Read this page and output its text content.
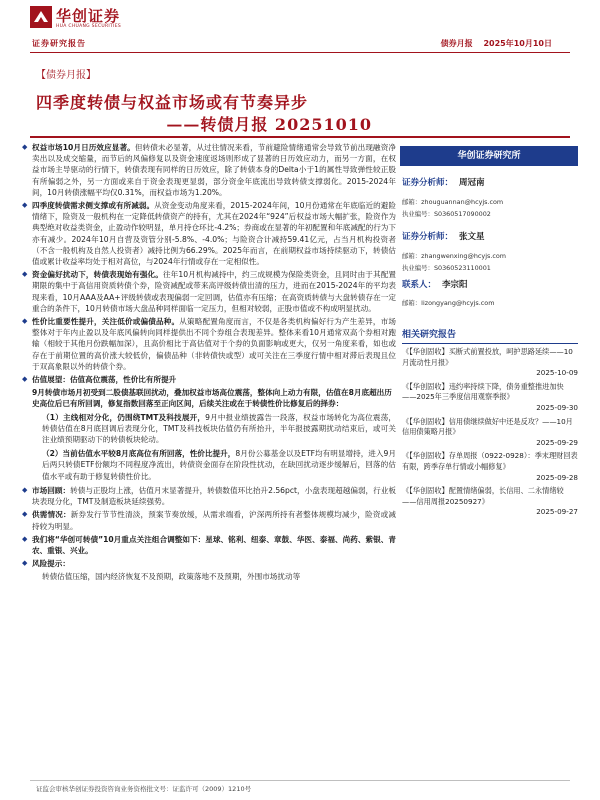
华创证券
HUA CHUANG SECURITIES
证券研究报告	债券月报 2025年10月10日
【债券月报】
四季度转债与权益市场或有节奏异步
——转债月报 20251010
◆ 权益市场10月日历效应显著。但转债未必显著，从过往情况来看，节前避险情绪通常会导致节前出现融资净卖出以及成交缩量，而节后的风偏修复以及资金速度返场则形成了显著的日历效应动力，而另一方面，在权益市场主导驱动的行情下，转债表现有同样的日历效应，除了转债本身的Delta小于1的属性导致弹性较正股有所偏弱之外，另一方面或来自于资金表现更显弱，部分资金年底流出导致转债支撑弱化。2015-2024年间，10月转债涨幅平均仅0.31%，而权益市场为1.20%。
◆ 四季度转债需求侧支撑或有所减弱。从资金变动角度来看，2015-2024年间，10月份通常在年底临近的避险情绪下，险资及一般机构在一定降低转债资产的持有，尤其在2024年“924”后权益市场大幅扩张，险资作为典型绝对收益类资金，止盈动作较明显，单月持仓环比-4.2%；券商或在显著的年初配置和年底减配的行为下亦有减少。2024年10月自营及资管分别-5.8%、-4.0%；与险资合计减持59.41亿元，占当月机构投资者（不含一般机构及自然人投资者）减持比例为66.29%。2025年而言，在前期权益市场持续驱动下，转债估值或累计收益率均处于相对高位，与2024年行情或存在一定相似性。
◆ 资金偏好扰动下，转债表现始有强化。往年10月机构减持中，约三成规模为保险类资金，且同时由于其配置期限的集中于高信用资质转债个券，险资减配或带来高评级转债出清的压力，进而在2015-2024年的平均表现来看，10月AAA及AA+评级转债或表现偏弱一定回调，估值亦有压缩；在高资质转债与大盘转债存在一定重合的条件下，10月转债市场大盘品种同样面临一定压力，但相对较弱，正股市值或不构成明显扰动。
◆ 性价比重要性提升，关注低价或偏债品种。从策略配置角度而言，不仅是各类机构偏好行为产生差异，市场整体对于年内止盈以及年底风偏转向同样提供出不同个券组合表现差异。整体来看10月通常双高个券相对跑输（相较于其他月份跌幅加深），且高价相比于高估值对于个券的负面影响或更大，仅另一角度来看，如也或存在于前期位置的高价涨大较低价，偏债品种（非转债快或型）或可关注在三季度行情中相对滞后表现且位于双高象限以外的转债个券。
◆ 估值展望：估值高位震荡，性价比有所提升
9月转债市场月初受到二股债基联回扰动，叠加权益市场高位震荡，整体向上动力有限，估值在8月底超出历史高位后已有所回调，修复指数回落至正向区间，后续关注或在于转债性价比修复后的择券：
（1）主线相对分化，仍围绕TMT及科技展开，9月中报业绩披露告一段落，权益市场转化为高位震荡，转债估值在8月底回调后表现分化，TMT及科技板块估值仍有所抬升，半年报披露期扰动结束后，或可关注业绩预期驱动下的转债板块轮动。
（2）当前估值水平较8月底高位有所回落，性价比提升，8月份公募基金以及ETF均有明显增持，进入9月后两只转债ETF份额均不同程度净流出，转债资金面存在阶段性扰动，在缺回扰动逐步缓解后，回落的估值水平或有助于修复转债性价比。
◆ 市场回顾：转债与正股均上涨，估值月末显著提升，转债数值环比抬升2.56pct，小盘表现超越偏弱，行业板块表现分化，TMT及制造板块延续强势。
◆ 供需情况：新券发行节节性清淡，预案节奏放缓，从需求端看，沪深两所持有者整体规模均减少，险资或减持较为明显。
◆ 我们将“华创可转债”10月重点关注组合调整如下：星球、铭利、纽泰、章鼓、华医、泰福、尚药、紫银、青农、重银、兴业。
◆ 风险提示：
转债估值压缩，国内经济恢复不及预期，政策落地不及预期，外围市场扰动等
华创证券研究所
证券分析师： 周冠南
邮箱：zhouguannan@hcyjs.com
执业编号：S0360517090002
证券分析师： 张文星
邮箱：zhangwenxing@hcyjs.com
执业编号：S0360523110001
联系人： 李宗阳
邮箱：lizongyang@hcyjs.com
相关研究报告
《【华创固收】买断式前置投放，呵护思路延续——10月流动性月报》
2025-10-09
《【华创固收】违约率持续下降，债务重整推进加快——2025年三季度信用观察季报》
2025-09-30
《【华创固收】信用债继续做好中还是反攻？——10月信用债策略月报》
2025-09-29
《【华创固收】存单周报（0922-0928）：季末理财回表有限，跨季存单行情或小幅修复》
2025-09-28
《【华创固收】配置情绪偏弱，长信用、二永情绪较——信用周报20250927》
2025-09-27
证监会审核华创证券投资咨询业务资格批文号：证监许可（2009）1210号
